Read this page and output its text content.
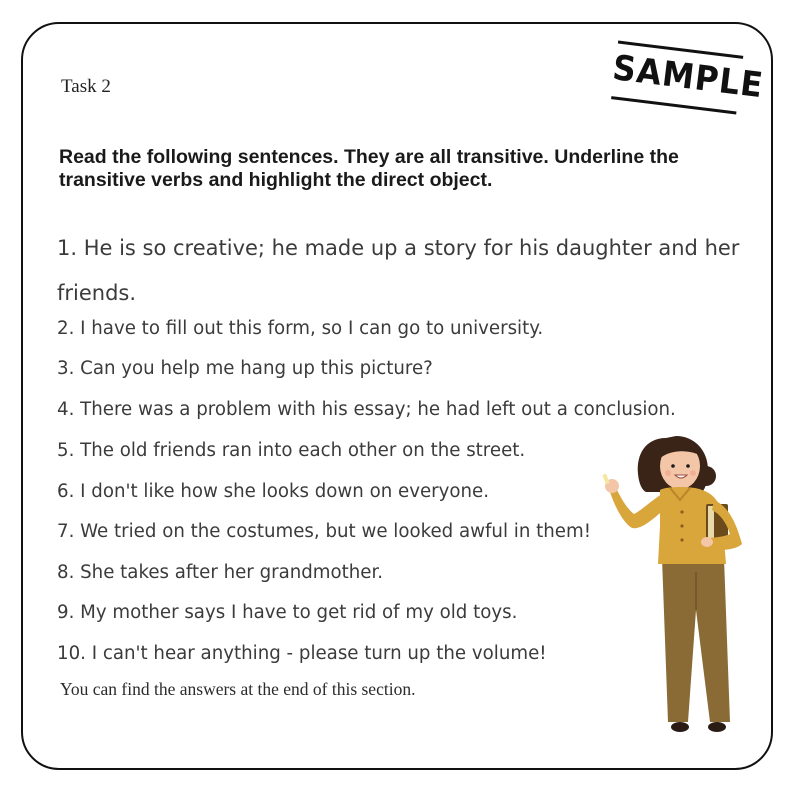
Task 2	SAMPLE

Read the following sentences. They are all transitive. Underline the transitive verbs and highlight the direct object.

1. He is so creative; he made up a story for his daughter and her friends.

2. I have to fill out this form, so I can go to university.

3. Can you help me hang up this picture?

4. There was a problem with his essay; he had left out a conclusion.

5. The old friends ran into each other on the street.

6. I don't like how she looks down on everyone.

7. We tried on the costumes, but we looked awful in them!

8. She takes after her grandmother.

9. My mother says I have to get rid of my old toys.

10. I can't hear anything - please turn up the volume!

You can find the answers at the end of this section.
